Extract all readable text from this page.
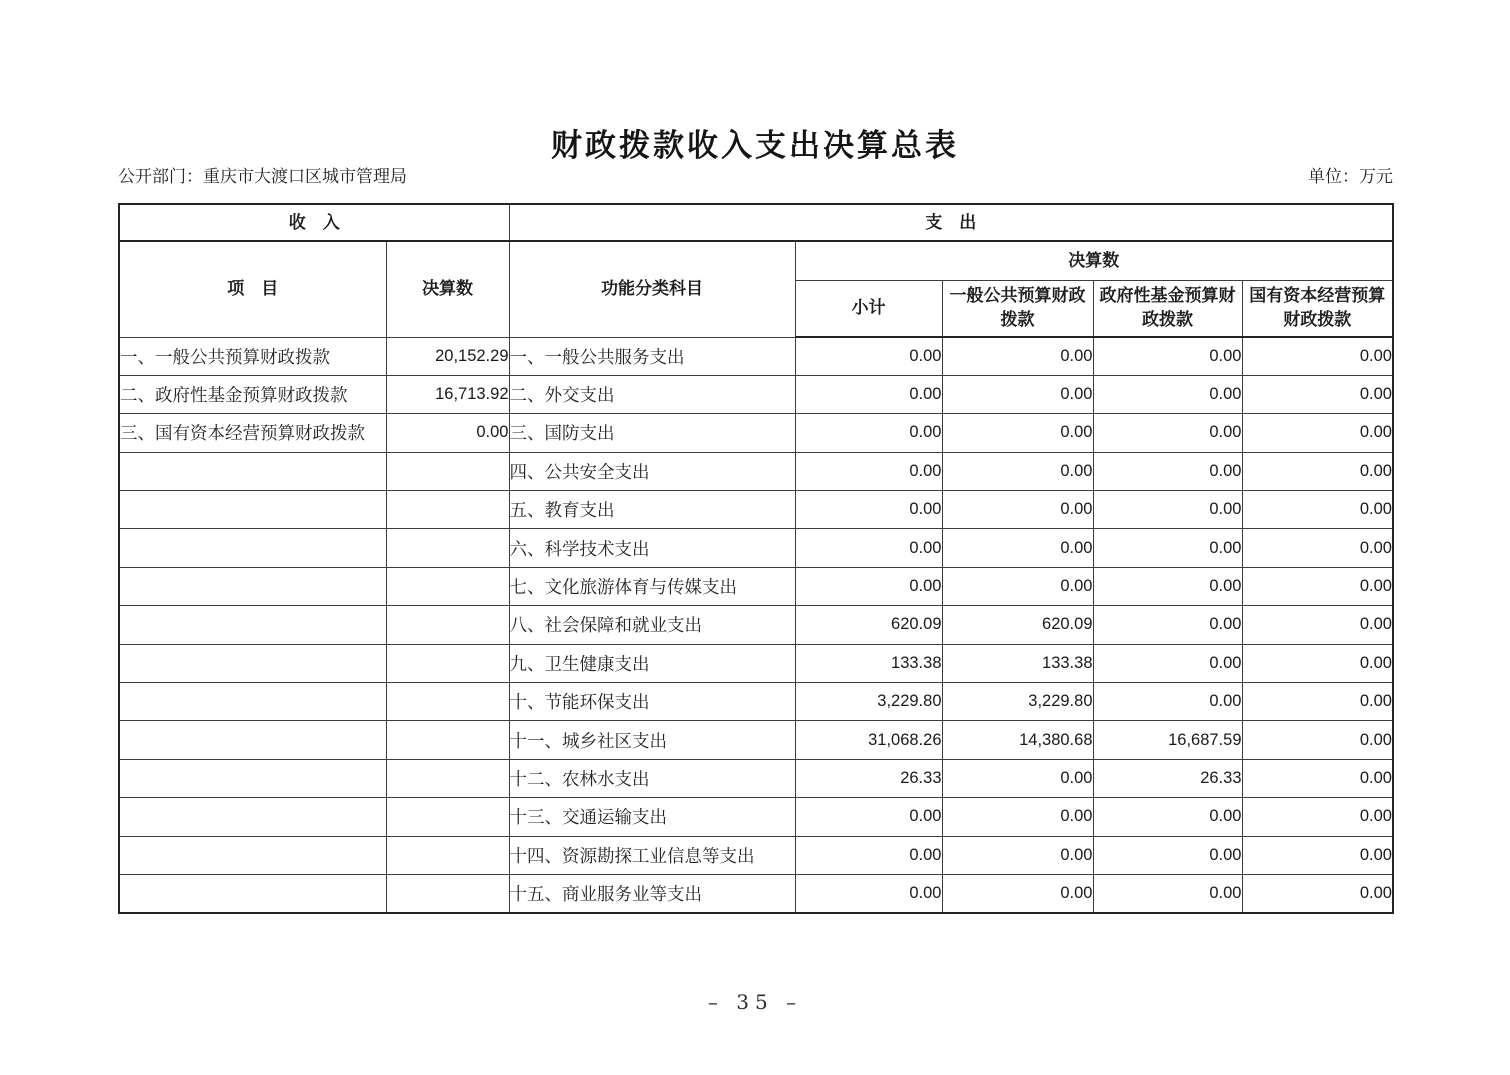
财政拨款收入支出决算总表
公开部门：重庆市大渡口区城市管理局	单位：万元
收　入		支　出				
项　目	决算数	功能分类科目	决算数			
			小计	一般公共预算财政拨款	政府性基金预算财政拨款	国有资本经营预算财政拨款
一、一般公共预算财政拨款	20,152.29	一、一般公共服务支出	0.00	0.00	0.00	0.00
二、政府性基金预算财政拨款	16,713.92	二、外交支出	0.00	0.00	0.00	0.00
三、国有资本经营预算财政拨款	0.00	三、国防支出	0.00	0.00	0.00	0.00
		四、公共安全支出	0.00	0.00	0.00	0.00
		五、教育支出	0.00	0.00	0.00	0.00
		六、科学技术支出	0.00	0.00	0.00	0.00
		七、文化旅游体育与传媒支出	0.00	0.00	0.00	0.00
		八、社会保障和就业支出	620.09	620.09	0.00	0.00
		九、卫生健康支出	133.38	133.38	0.00	0.00
		十、节能环保支出	3,229.80	3,229.80	0.00	0.00
		十一、城乡社区支出	31,068.26	14,380.68	16,687.59	0.00
		十二、农林水支出	26.33	0.00	26.33	0.00
		十三、交通运输支出	0.00	0.00	0.00	0.00
		十四、资源勘探工业信息等支出	0.00	0.00	0.00	0.00
		十五、商业服务业等支出	0.00	0.00	0.00	0.00
– 35 –
